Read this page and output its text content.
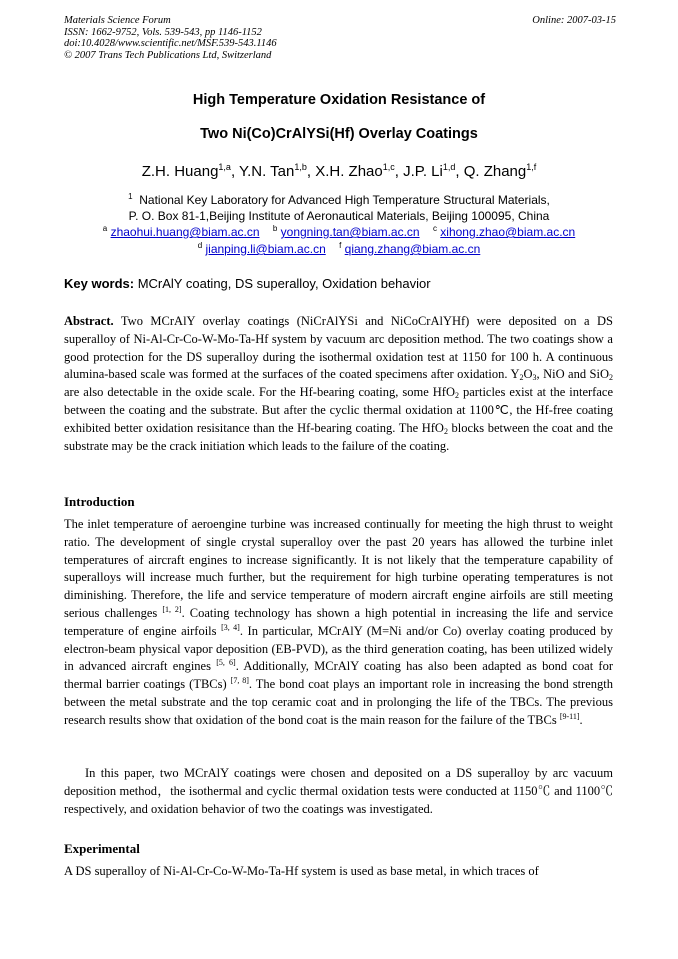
Materials Science Forum
ISSN: 1662-9752, Vols. 539-543, pp 1146-1152
doi:10.4028/www.scientific.net/MSF.539-543.1146
© 2007 Trans Tech Publications Ltd, Switzerland
Online: 2007-03-15
High Temperature Oxidation Resistance of
Two Ni(Co)CrAlYSi(Hf) Overlay Coatings
Z.H. Huang$^{1,a}$, Y.N. Tan$^{1,b}$, X.H. Zhao$^{1,c}$, J.P. Li$^{1,d}$, Q. Zhang$^{1,f}$
$^1$ National Key Laboratory for Advanced High Temperature Structural Materials,
P. O. Box 81-1,Beijing Institute of Aeronautical Materials, Beijing 100095, China
$^a$ zhaohui.huang@biam.ac.cn $^b$ yongning.tan@biam.ac.cn $^c$ xihong.zhao@biam.ac.cn
$^d$ jianping.li@biam.ac.cn $^f$ qiang.zhang@biam.ac.cn
Key words: MCrAlY coating, DS superalloy, Oxidation behavior
Abstract. Two MCrAlY overlay coatings (NiCrAlYSi and NiCoCrAlYHf) were deposited on a DS superalloy of Ni-Al-Cr-Co-W-Mo-Ta-Hf system by vacuum arc deposition method. The two coatings show a good protection for the DS superalloy during the isothermal oxidation test at 1150 for 100 h. A continuous alumina-based scale was formed at the surfaces of the coated specimens after oxidation. $Y_2O_3$, NiO and SiO$_2$ are also detectable in the oxide scale. For the Hf-bearing coating, some HfO$_2$ particles exist at the interface between the coating and the substrate. But after the cyclic thermal oxidation at 1100℃, the Hf-free coating exhibited better oxidation resisitance than the Hf-bearing coating. The HfO$_2$ blocks between the coat and the substrate may be the crack initiation which leads to the failure of the coating.
Introduction
The inlet temperature of aeroengine turbine was increased continually for meeting the high thrust to weight ratio. The development of single crystal superalloy over the past 20 years has allowed the turbine inlet temperatures of aircraft engines to increase significantly. It is not likely that the temperature capability of superalloys will increase much further, but the requirement for high turbine operating temperatures is not diminishing. Therefore, the life and service temperature of modern aircraft engine airfoils are still meeting serious challenges [1, 2]. Coating technology has shown a high potential in increasing the life and service temperature of engine airfoils [3, 4]. In particular, MCrAlY (M=Ni and/or Co) overlay coating produced by electron-beam physical vapor deposition (EB-PVD), as the third generation coating, has been utilized widely in advanced aircraft engines [5, 6]. Additionally, MCrAlY coating has also been adapted as bond coat for thermal barrier coatings (TBCs) [7, 8]. The bond coat plays an important role in increasing the bond strength between the metal substrate and the top ceramic coat and in prolonging the life of the TBCs. The previous research results show that oxidation of the bond coat is the main reason for the failure of the TBCs [9-11].
In this paper, two MCrAlY coatings were chosen and deposited on a DS superalloy by arc vacuum deposition method，the isothermal and cyclic thermal oxidation tests were conducted at 1150℃ and 1100℃ respectively, and oxidation behavior of two the coatings was investigated.
Experimental
A DS superalloy of Ni-Al-Cr-Co-W-Mo-Ta-Hf system is used as base metal, in which traces of
